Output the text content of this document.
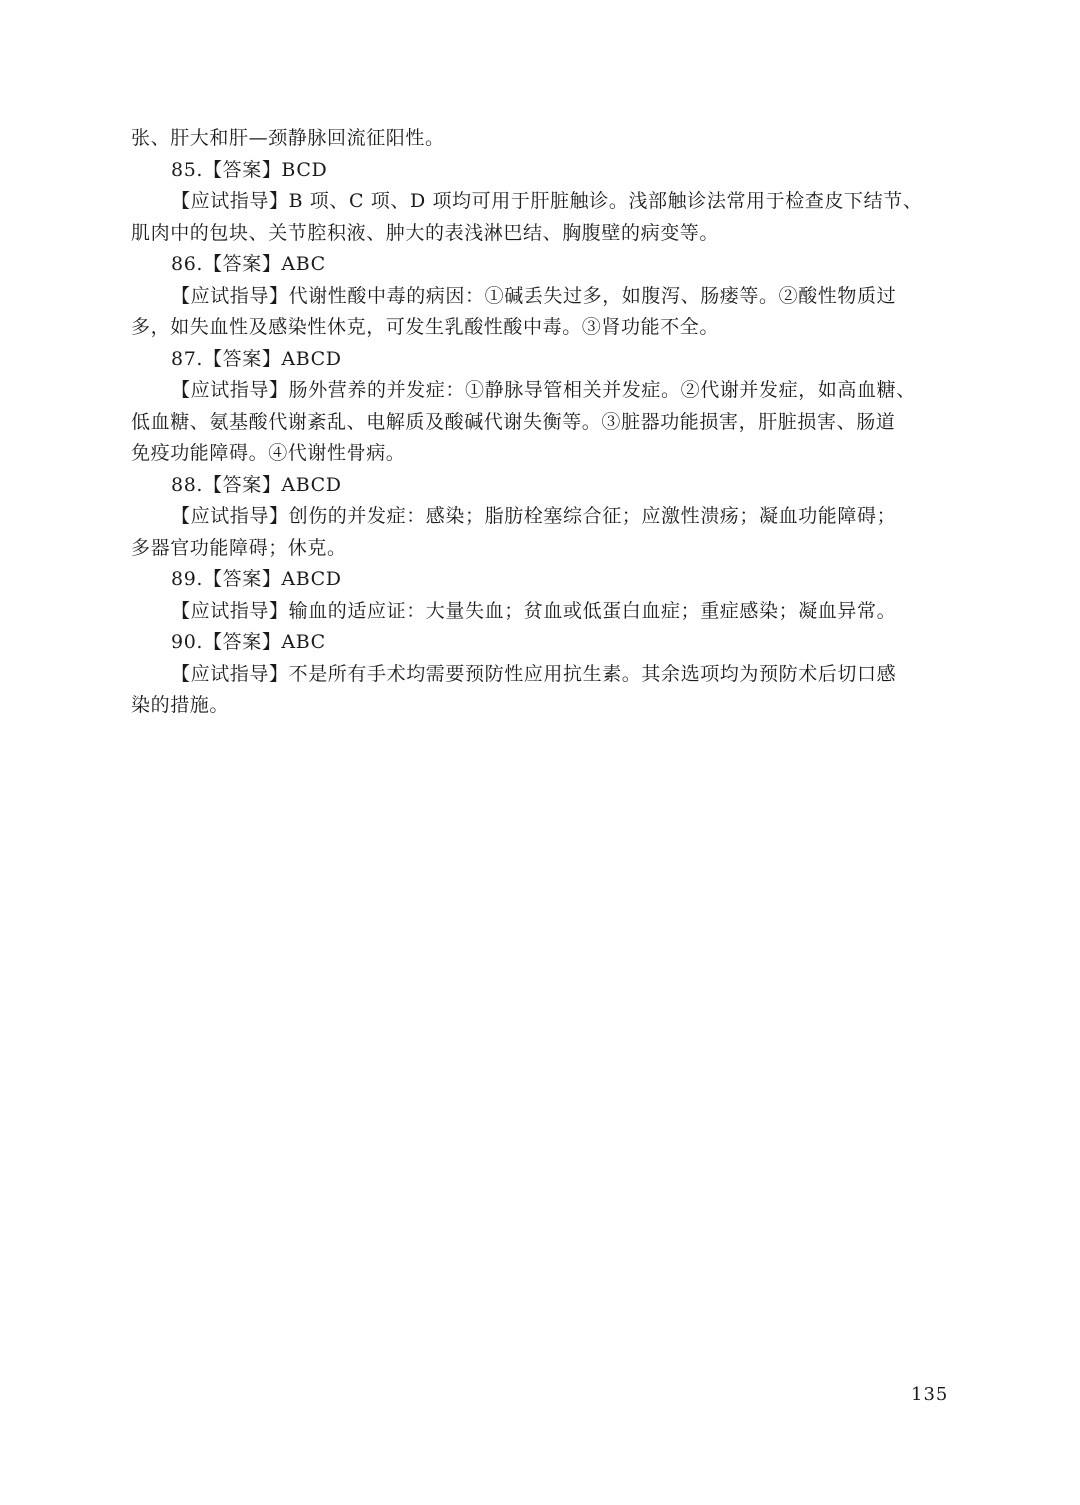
张、肝大和肝—颈静脉回流征阳性。
85.【答案】BCD
【应试指导】B 项、C 项、D 项均可用于肝脏触诊。浅部触诊法常用于检查皮下结节、
肌肉中的包块、关节腔积液、肿大的表浅淋巴结、胸腹壁的病变等。
86.【答案】ABC
【应试指导】代谢性酸中毒的病因：①碱丢失过多，如腹泻、肠瘘等。②酸性物质过
多，如失血性及感染性休克，可发生乳酸性酸中毒。③肾功能不全。
87.【答案】ABCD
【应试指导】肠外营养的并发症：①静脉导管相关并发症。②代谢并发症，如高血糖、
低血糖、氨基酸代谢紊乱、电解质及酸碱代谢失衡等。③脏器功能损害，肝脏损害、肠道
免疫功能障碍。④代谢性骨病。
88.【答案】ABCD
【应试指导】创伤的并发症：感染；脂肪栓塞综合征；应激性溃疡；凝血功能障碍；
多器官功能障碍；休克。
89.【答案】ABCD
【应试指导】输血的适应证：大量失血；贫血或低蛋白血症；重症感染；凝血异常。
90.【答案】ABC
【应试指导】不是所有手术均需要预防性应用抗生素。其余选项均为预防术后切口感
染的措施。
135
